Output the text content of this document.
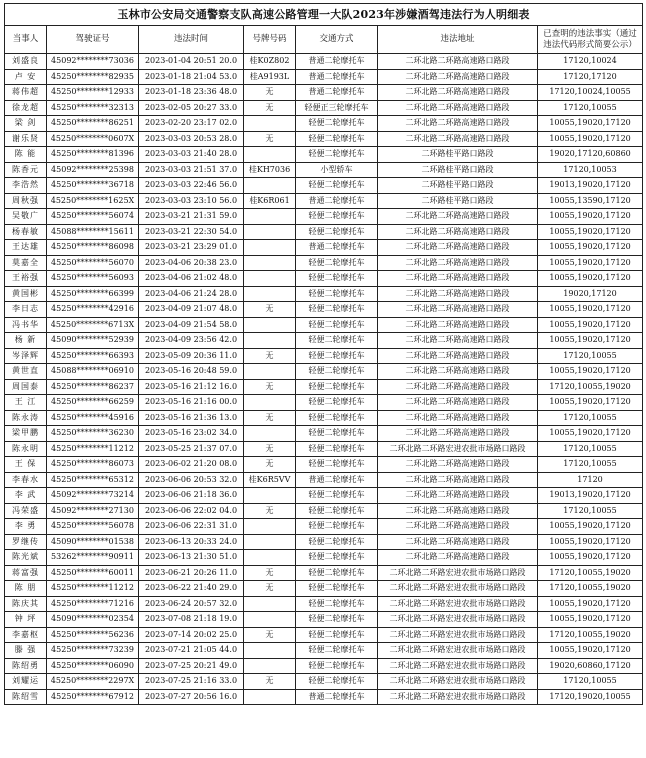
玉林市公安局交通警察支队高速公路管理一大队2023年涉嫌酒驾违法行为人明细表						
当事人	驾驶证号	违法时间	号牌号码	交通方式	违法地址	已查明的违法事实（通过违法代码形式简要公示）
刘盛良	45092********73036	2023-01-04 20:51 20.0	桂K0Z802	普通二轮摩托车	二环北路二环路高速路口路段	17120,10024
卢 安	45250********82935	2023-01-18 21:04 53.0	桂A9193L	普通二轮摩托车	二环北路二环路高速路口路段	17120,17120
蒋伟超	45250********12933	2023-01-18 23:36 48.0	无	普通二轮摩托车	二环北路二环路高速路口路段	17120,10024,10055
徐龙超	45250********32313	2023-02-05 20:27 33.0	无	轻便正三轮摩托车	二环北路二环路高速路口路段	17120,10055
梁 剑	45250********86251	2023-02-20 23:17 02.0		轻便二轮摩托车	二环北路二环路高速路口路段	10055,19020,17120
谢乐贤	45250********0607X	2023-03-03 20:53 28.0	无	轻便二轮摩托车	二环北路二环路高速路口路段	10055,19020,17120
陈 能	45250********81396	2023-03-03 21:40 28.0		轻便二轮摩托车	二环路桂平路口路段	19020,17120,60860
陈香元	45092********25398	2023-03-03 21:51 37.0	桂KH7036	小型轿车	二环路桂平路口路段	17120,10053
李浩然	45250********36718	2023-03-03 22:46 56.0		轻便二轮摩托车	二环路桂平路口路段	19013,19020,17120
周秋强	45250********1625X	2023-03-03 23:10 56.0	桂K6R061	普通二轮摩托车	二环路桂平路口路段	10055,13590,17120
吴敬广	45250********56074	2023-03-21 21:31 59.0		轻便二轮摩托车	二环北路二环路高速路口路段	10055,19020,17120
杨春敏	45088********15611	2023-03-21 22:30 54.0		轻便二轮摩托车	二环北路二环路高速路口路段	10055,19020,17120
王达雄	45250********86098	2023-03-21 23:29 01.0		普通二轮摩托车	二环北路二环路高速路口路段	10055,19020,17120
莫嘉全	45250********56070	2023-04-06 20:38 23.0		轻便二轮摩托车	二环北路二环路高速路口路段	10055,19020,17120
王裕强	45250********56093	2023-04-06 21:02 48.0		轻便二轮摩托车	二环北路二环路高速路口路段	10055,19020,17120
黄国彬	45250********66399	2023-04-06 21:24 28.0		轻便二轮摩托车	二环北路二环路高速路口路段	19020,17120
李日志	45250********42916	2023-04-09 21:07 48.0	无	轻便二轮摩托车	二环北路二环路高速路口路段	10055,19020,17120
冯书华	45250********6713X	2023-04-09 21:54 58.0		轻便二轮摩托车	二环北路二环路高速路口路段	10055,19020,17120
杨 新	45090********52939	2023-04-09 23:56 42.0		轻便二轮摩托车	二环北路二环路高速路口路段	10055,19020,17120
岑泽辉	45250********66393	2023-05-09 20:36 11.0	无	轻便二轮摩托车	二环北路二环路高速路口路段	17120,10055
黄世直	45088********06910	2023-05-16 20:48 59.0		轻便二轮摩托车	二环北路二环路高速路口路段	10055,19020,17120
周国泰	45250********86237	2023-05-16 21:12 16.0	无	轻便二轮摩托车	二环北路二环路高速路口路段	17120,10055,19020
王 江	45250********66259	2023-05-16 21:16 00.0		轻便二轮摩托车	二环北路二环路高速路口路段	10055,19020,17120
陈永涛	45250********45916	2023-05-16 21:36 13.0	无	轻便二轮摩托车	二环北路二环路高速路口路段	17120,10055
梁甲鹏	45250********36230	2023-05-16 23:02 34.0		轻便二轮摩托车	二环北路二环路高速路口路段	10055,19020,17120
陈永明	45250********11212	2023-05-25 21:37 07.0	无	轻便二轮摩托车	二环北路二环路宏进农批市场路口路段	17120,10055
王 保	45250********86073	2023-06-02 21:20 08.0	无	轻便二轮摩托车	二环北路二环路高速路口路段	17120,10055
李春水	45250********65312	2023-06-06 20:53 32.0	桂K6R5VV	普通二轮摩托车	二环北路二环路高速路口路段	17120
李 武	45092********73214	2023-06-06 21:18 36.0		轻便二轮摩托车	二环北路二环路高速路口路段	19013,19020,17120
冯荣盛	45092********27130	2023-06-06 22:02 04.0	无	轻便二轮摩托车	二环北路二环路高速路口路段	17120,10055
李 勇	45250********56078	2023-06-06 22:31 31.0		轻便二轮摩托车	二环北路二环路高速路口路段	10055,19020,17120
罗继传	45090********01538	2023-06-13 20:33 24.0		轻便二轮摩托车	二环北路二环路高速路口路段	10055,19020,17120
陈光斌	53262********90911	2023-06-13 21:30 51.0		轻便二轮摩托车	二环北路二环路高速路口路段	10055,19020,17120
蒋富强	45250********60011	2023-06-21 20:26 11.0	无	轻便二轮摩托车	二环北路二环路宏进农批市场路口路段	17120,10055,19020
陈 朋	45250********11212	2023-06-22 21:40 29.0	无	轻便二轮摩托车	二环北路二环路宏进农批市场路口路段	17120,10055,19020
陈庆其	45250********71216	2023-06-24 20:57 32.0		轻便二轮摩托车	二环北路二环路宏进农批市场路口路段	10055,19020,17120
钟 坪	45090********02354	2023-07-08 21:18 19.0		轻便二轮摩托车	二环北路二环路宏进农批市场路口路段	10055,19020,17120
李嘉枢	45250********56236	2023-07-14 20:02 25.0	无	轻便二轮摩托车	二环北路二环路宏进农批市场路口路段	17120,10055,19020
滕 强	45250********73239	2023-07-21 21:05 44.0		轻便二轮摩托车	二环北路二环路宏进农批市场路口路段	10055,19020,17120
陈绍勇	45250********06090	2023-07-25 20:21 49.0		轻便二轮摩托车	二环北路二环路宏进农批市场路口路段	19020,60860,17120
刘耀运	45250********2297X	2023-07-25 21:16 33.0	无	轻便二轮摩托车	二环北路二环路宏进农批市场路口路段	17120,10055
陈绍雪	45250********67912	2023-07-27 20:56 16.0		普通二轮摩托车	二环北路二环路宏进农批市场路口路段	17120,19020,10055
